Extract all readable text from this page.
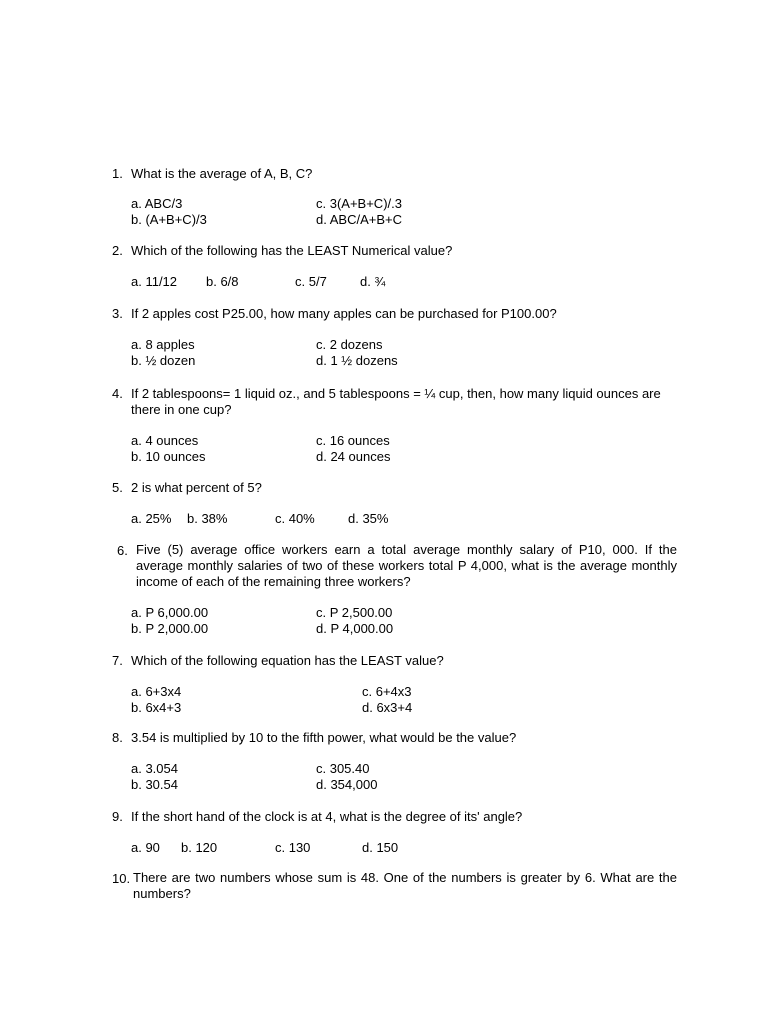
1. What is the average of A, B, C?
a. ABC/3
b. (A+B+C)/3
c. 3(A+B+C)/.3
d. ABC/A+B+C
2. Which of the following has the LEAST Numerical value?
a. 11/12 b. 6/8	c. 5/7	d. ¾
3. If 2 apples cost P25.00, how many apples can be purchased for P100.00?
a. 8 apples
b. ½ dozen
c. 2 dozens
d. 1 ½ dozens
4. If 2 tablespoons= 1 liquid oz., and 5 tablespoons = ¼ cup, then, how many liquid ounces are
there in one cup?
a. 4 ounces
b. 10 ounces
c. 16 ounces
d. 24 ounces
5. 2 is what percent of 5?
a. 25% b. 38%	c. 40%	d. 35%
6. Five (5) average office workers earn a total average monthly salary of P10, 000. If the
average monthly salaries of two of these workers total P 4,000, what is the average monthly
income of each of the remaining three workers?
a. P 6,000.00
b. P 2,000.00
c. P 2,500.00
d. P 4,000.00
7. Which of the following equation has the LEAST value?
a. 6+3x4
b. 6x4+3
c. 6+4x3
d. 6x3+4
8. 3.54 is multiplied by 10 to the fifth power, what would be the value?
a. 3.054
b. 30.54
c. 305.40
d. 354,000
9. If the short hand of the clock is at 4, what is the degree of its' angle?
a. 90 b. 120	c. 130	d. 150
10. There are two numbers whose sum is 48. One of the numbers is greater by 6. What are the
numbers?
